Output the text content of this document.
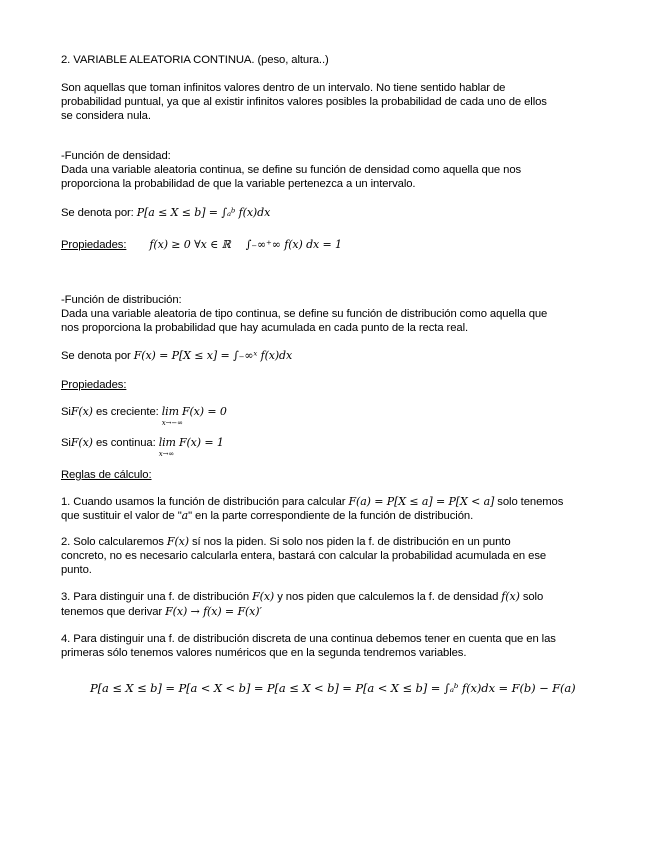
2. VARIABLE ALEATORIA CONTINUA. (peso, altura..)

Son aquellas que toman infinitos valores dentro de un intervalo. No tiene sentido hablar de

probabilidad puntual, ya que al existir infinitos valores posibles la probabilidad de cada uno de ellos

se considera nula.

-Función de densidad:

Dada una variable aleatoria continua, se define su función de densidad como aquella que nos

proporciona la probabilidad de que la variable pertenezca a un intervalo.

Se denota por: P[a ≤ X ≤ b] = ∫ₐᵇ f(x)dx

Propiedades: f(x) ≥ 0 ∀x ∈ ℝ ∫₋∞⁺∞ f(x) dx = 1

-Función de distribución:

Dada una variable aleatoria de tipo continua, se define su función de distribución como aquella que

nos proporciona la probabilidad que hay acumulada en cada punto de la recta real.

Se denota por F(x) = P[X ≤ x] = ∫₋∞ˣ f(x)dx

Propiedades:

SiF(x) es creciente: lim
x→−∞
F(x) = 0

SiF(x) es continua: lim
x→∞
F(x) = 1

Reglas de cálculo:

1. Cuando usamos la función de distribución para calcular F(a) = P[X ≤ a] = P[X < a] solo tenemos

que sustituir el valor de "a" en la parte correspondiente de la función de distribución.

2. Solo calcularemos F(x) sí nos la piden. Si solo nos piden la f. de distribución en un punto

concreto, no es necesario calcularla entera, bastará con calcular la probabilidad acumulada en ese

punto.

3. Para distinguir una f. de distribución F(x) y nos piden que calculemos la f. de densidad f(x) solo

tenemos que derivar F(x) → f(x) = F(x)′

4. Para distinguir una f. de distribución discreta de una continua debemos tener en cuenta que en las

primeras sólo tenemos valores numéricos que en la segunda tendremos variables.

P[a ≤ X ≤ b] = P[a < X < b] = P[a ≤ X < b] = P[a < X ≤ b] = ∫ₐᵇ f(x)dx = F(b) − F(a)
